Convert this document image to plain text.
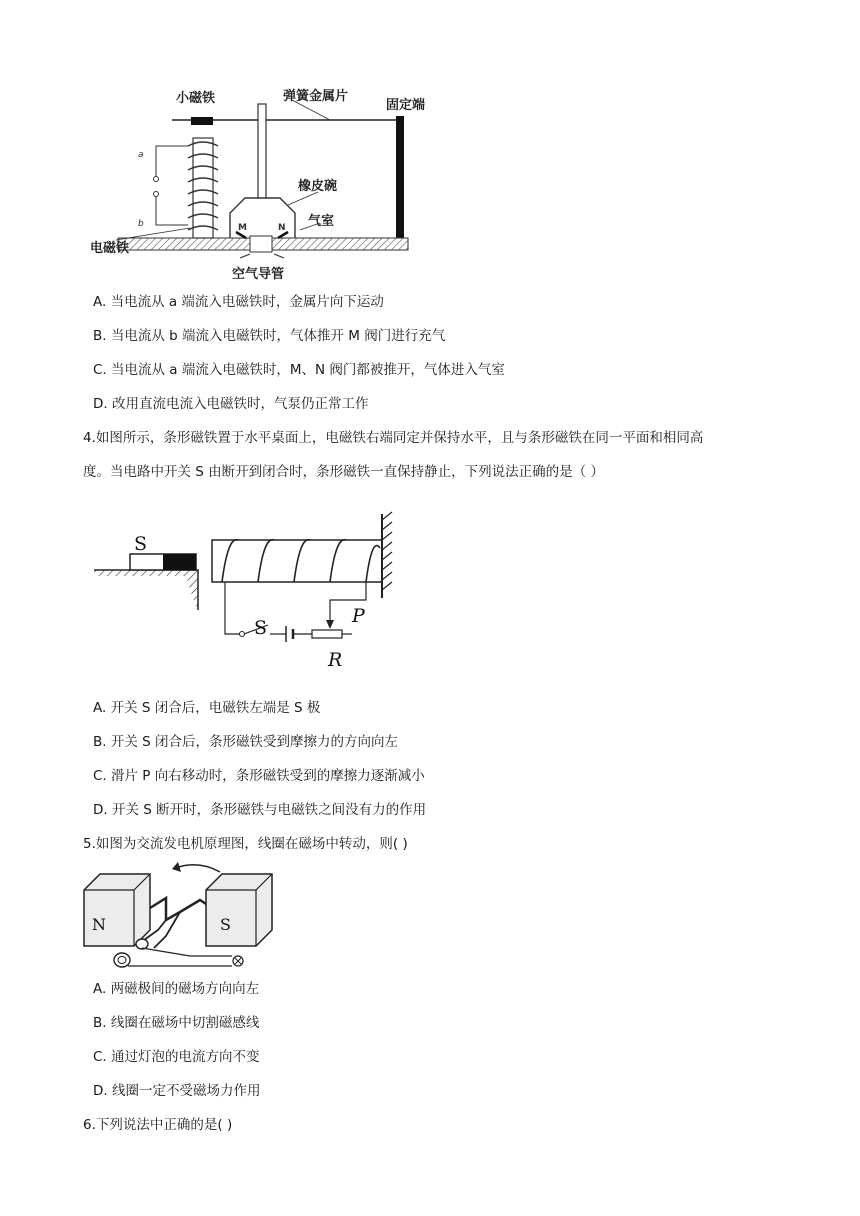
小磁铁	弹簧金属片
固定端
a
b
橡皮碗
气室
M	N
电磁铁
空气导管
A. 当电流从 a 端流入电磁铁时，金属片向下运动
B. 当电流从 b 端流入电磁铁时，气体推开 M 阀门进行充气
C. 当电流从 a 端流入电磁铁时，M、N 阀门都被推开，气体进入气室
D. 改用直流电流入电磁铁时，气泵仍正常工作
4.如图所示，条形磁铁置于水平桌面上，电磁铁右端同定并保持水平，且与条形磁铁在同一平面和相同高
度。当电路中开关 S 由断开到闭合时，条形磁铁一直保持静止，下列说法正确的是（ ）
S
S
P
R
A. 开关 S 闭合后，电磁铁左端是 S 极
B. 开关 S 闭合后，条形磁铁受到摩擦力的方向向左
C. 滑片 P 向右移动时，条形磁铁受到的摩擦力逐渐减小
D. 开关 S 断开时，条形磁铁与电磁铁之间没有力的作用
5.如图为交流发电机原理图，线圈在磁场中转动，则( )
N	S
A. 两磁极间的磁场方向向左
B. 线圈在磁场中切割磁感线
C. 通过灯泡的电流方向不变
D. 线圈一定不受磁场力作用
6.下列说法中正确的是( )
